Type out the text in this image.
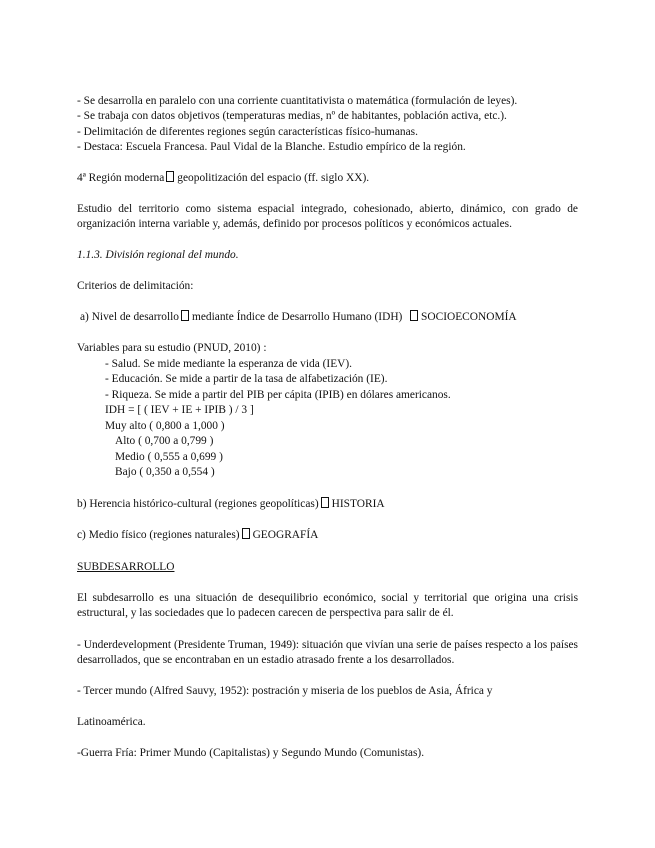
- Se desarrolla en paralelo con una corriente cuantitativista o matemática (formulación de leyes).
- Se trabaja con datos objetivos (temperaturas medias, nº de habitantes, población activa, etc.).
- Delimitación de diferentes regiones según características físico-humanas.
- Destaca: Escuela Francesa. Paul Vidal de la Blanche. Estudio empírico de la región.
4ª Región moderna geopolitización del espacio (ff. siglo XX).
Estudio del territorio como sistema espacial integrado, cohesionado, abierto, dinámico, con grado de organización interna variable y, además, definido por procesos políticos y económicos actuales.
1.1.3. División regional del mundo.
Criterios de delimitación:
a) Nivel de desarrollo mediante Índice de Desarrollo Humano (IDH) SOCIOECONOMÍA
Variables para su estudio (PNUD, 2010) :
- Salud. Se mide mediante la esperanza de vida (IEV).
- Educación. Se mide a partir de la tasa de alfabetización (IE).
- Riqueza. Se mide a partir del PIB per cápita (IPIB) en dólares americanos.
IDH = [ ( IEV + IE + IPIB ) / 3 ]
Muy alto ( 0,800 a 1,000 )
Alto ( 0,700 a 0,799 )
Medio ( 0,555 a 0,699 )
Bajo ( 0,350 a 0,554 )
b) Herencia histórico-cultural (regiones geopolíticas) HISTORIA
c) Medio físico (regiones naturales) GEOGRAFÍA
SUBDESARROLLO
El subdesarrollo es una situación de desequilibrio económico, social y territorial que origina una crisis estructural, y las sociedades que lo padecen carecen de perspectiva para salir de él.
- Underdevelopment (Presidente Truman, 1949): situación que vivían una serie de países respecto a los países desarrollados, que se encontraban en un estadio atrasado frente a los desarrollados.
- Tercer mundo (Alfred Sauvy, 1952): postración y miseria de los pueblos de Asia, África y
Latinoamérica.
-Guerra Fría: Primer Mundo (Capitalistas) y Segundo Mundo (Comunistas).
